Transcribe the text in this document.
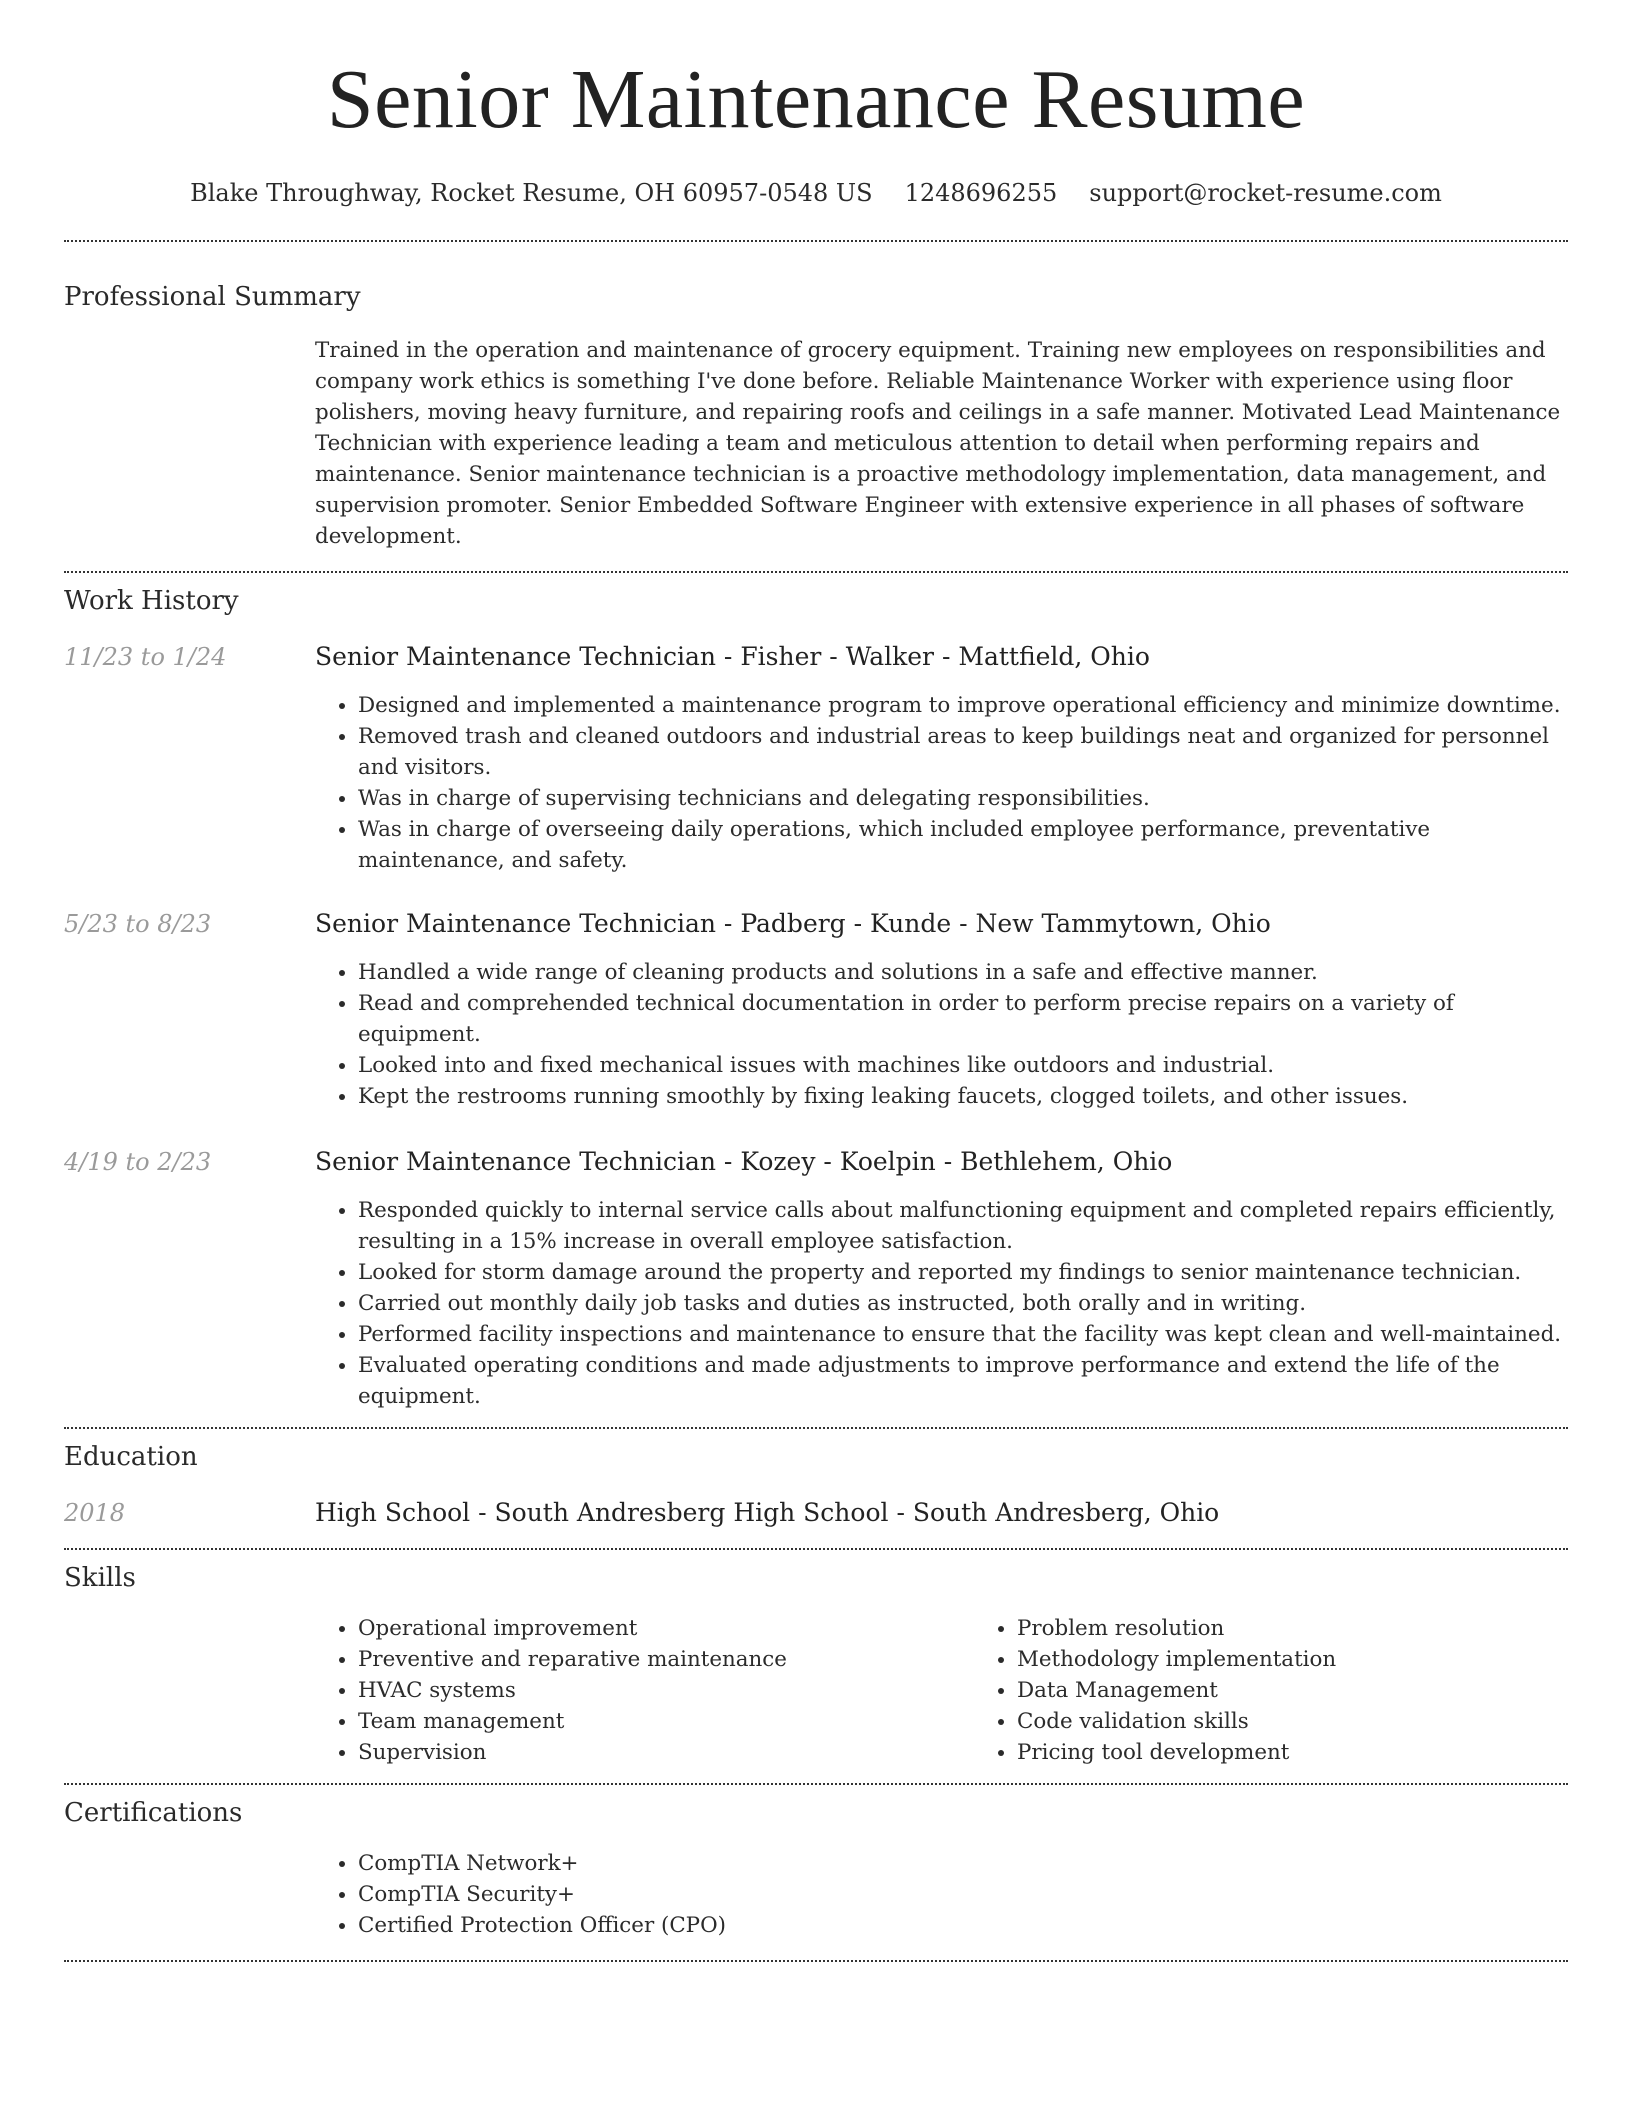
Senior Maintenance Resume
Blake Throughway, Rocket Resume, OH 60957-0548 US 1248696255 support@rocket-resume.com
Professional Summary

Trained in the operation and maintenance of grocery equipment. Training new employees on responsibilities and company work ethics is something I've done before. Reliable Maintenance Worker with experience using floor polishers, moving heavy furniture, and repairing roofs and ceilings in a safe manner. Motivated Lead Maintenance Technician with experience leading a team and meticulous attention to detail when performing repairs and maintenance. Senior maintenance technician is a proactive methodology implementation, data management, and supervision promoter. Senior Embedded Software Engineer with extensive experience in all phases of software development.

Work History
11/23 to 1/24	Senior Maintenance Technician - Fisher - Walker - Mattfield, Ohio

• Designed and implemented a maintenance program to improve operational efficiency and minimize downtime.
• Removed trash and cleaned outdoors and industrial areas to keep buildings neat and organized for personnel and visitors.
• Was in charge of supervising technicians and delegating responsibilities.
• Was in charge of overseeing daily operations, which included employee performance, preventative maintenance, and safety.
5/23 to 8/23	Senior Maintenance Technician - Padberg - Kunde - New Tammytown, Ohio

• Handled a wide range of cleaning products and solutions in a safe and effective manner.
• Read and comprehended technical documentation in order to perform precise repairs on a variety of equipment.
• Looked into and fixed mechanical issues with machines like outdoors and industrial.
• Kept the restrooms running smoothly by fixing leaking faucets, clogged toilets, and other issues.
4/19 to 2/23	Senior Maintenance Technician - Kozey - Koelpin - Bethlehem, Ohio

• Responded quickly to internal service calls about malfunctioning equipment and completed repairs efficiently, resulting in a 15% increase in overall employee satisfaction.
• Looked for storm damage around the property and reported my findings to senior maintenance technician.
• Carried out monthly daily job tasks and duties as instructed, both orally and in writing.
• Performed facility inspections and maintenance to ensure that the facility was kept clean and well-maintained.
• Evaluated operating conditions and made adjustments to improve performance and extend the life of the equipment.
Education
2018	High School - South Andresberg High School - South Andresberg, Ohio

Skills
• Operational improvement
• Preventive and reparative maintenance
• HVAC systems
• Team management
• Supervision
• Problem resolution
• Methodology implementation
• Data Management
• Code validation skills
• Pricing tool development
Certifications
• CompTIA Network+
• CompTIA Security+
• Certified Protection Officer (CPO)
